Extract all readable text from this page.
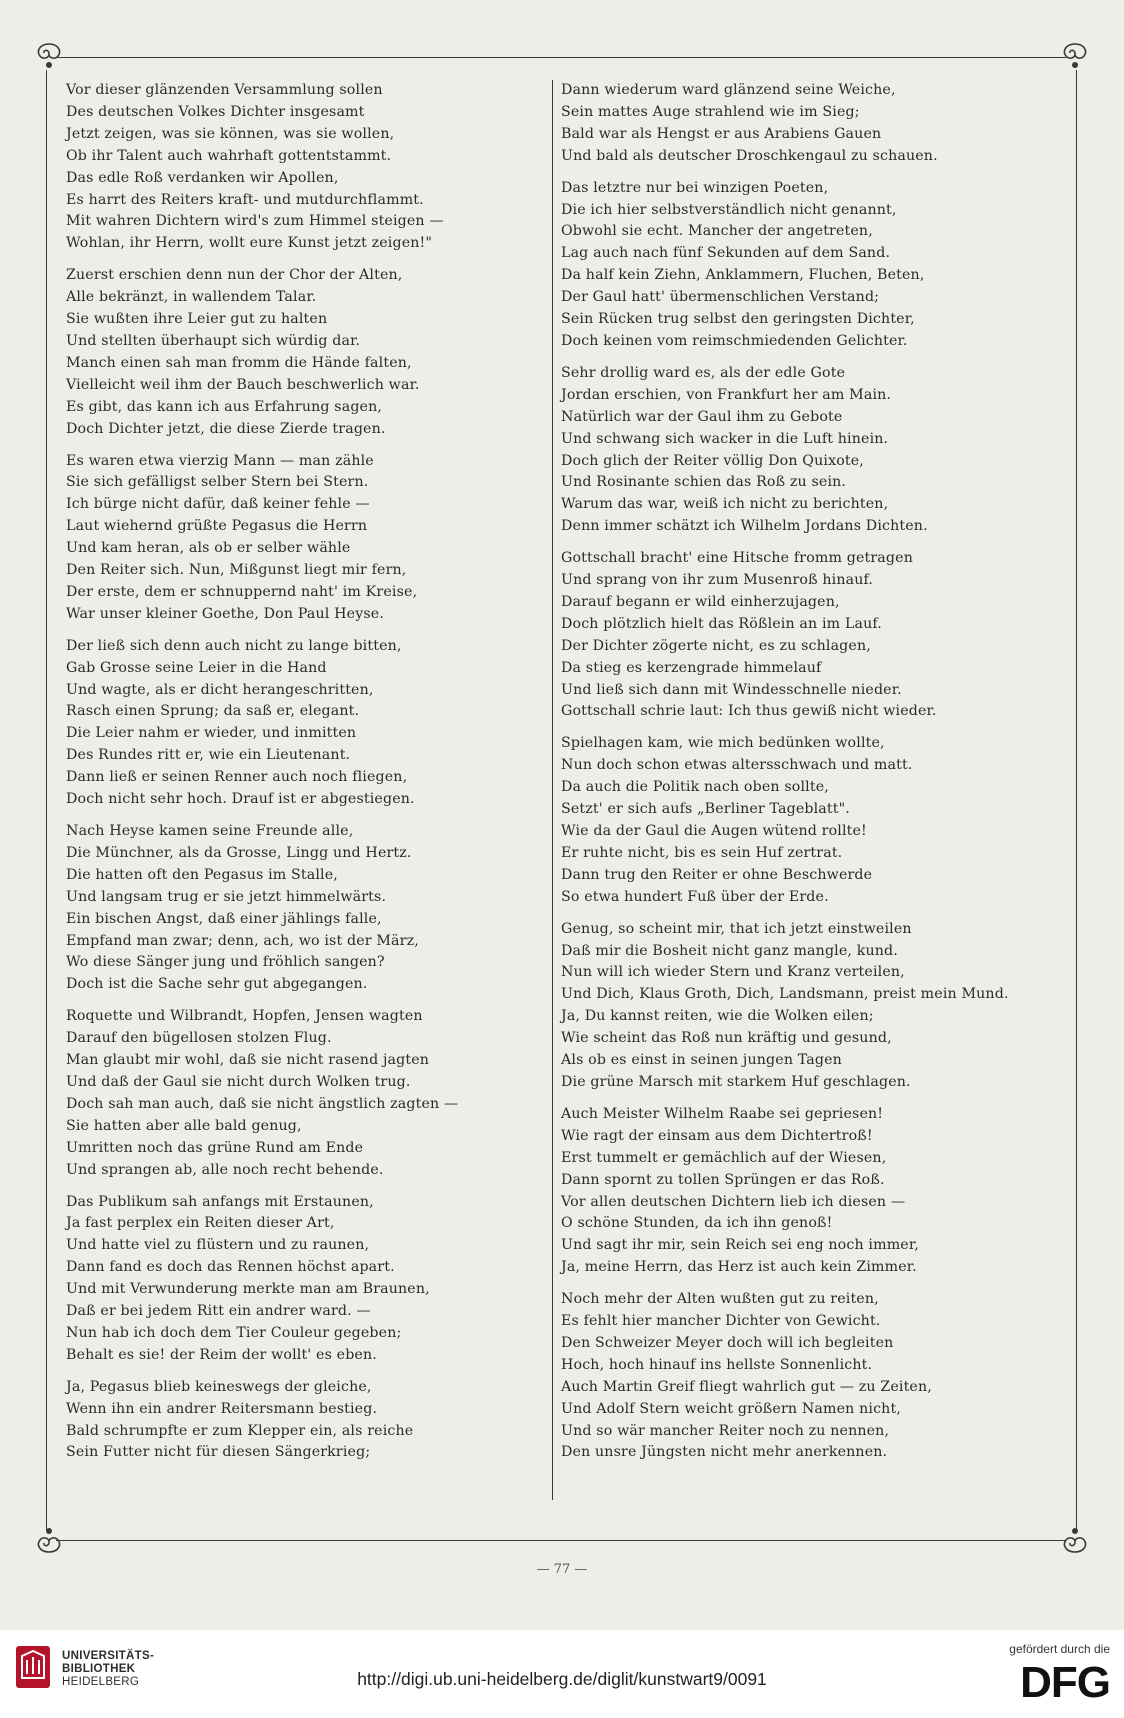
Vor dieser glänzenden Versammlung sollen
Des deutschen Volkes Dichter insgesamt
Jetzt zeigen, was sie können, was sie wollen,
Ob ihr Talent auch wahrhaft gottentstammt.
Das edle Roß verdanken wir Apollen,
Es harrt des Reiters kraft- und mutdurchflammt.
Mit wahren Dichtern wird's zum Himmel steigen —
Wohlan, ihr Herrn, wollt eure Kunst jetzt zeigen!"
Zuerst erschien denn nun der Chor der Alten,
Alle bekränzt, in wallendem Talar.
Sie wußten ihre Leier gut zu halten
Und stellten überhaupt sich würdig dar.
Manch einen sah man fromm die Hände falten,
Vielleicht weil ihm der Bauch beschwerlich war.
Es gibt, das kann ich aus Erfahrung sagen,
Doch Dichter jetzt, die diese Zierde tragen.
Es waren etwa vierzig Mann — man zähle
Sie sich gefälligst selber Stern bei Stern.
Ich bürge nicht dafür, daß keiner fehle —
Laut wiehernd grüßte Pegasus die Herrn
Und kam heran, als ob er selber wähle
Den Reiter sich. Nun, Mißgunst liegt mir fern,
Der erste, dem er schnuppernd naht' im Kreise,
War unser kleiner Goethe, Don Paul Heyse.
Der ließ sich denn auch nicht zu lange bitten,
Gab Grosse seine Leier in die Hand
Und wagte, als er dicht herangeschritten,
Rasch einen Sprung; da saß er, elegant.
Die Leier nahm er wieder, und inmitten
Des Rundes ritt er, wie ein Lieutenant.
Dann ließ er seinen Renner auch noch fliegen,
Doch nicht sehr hoch. Drauf ist er abgestiegen.
Nach Heyse kamen seine Freunde alle,
Die Münchner, als da Grosse, Lingg und Hertz.
Die hatten oft den Pegasus im Stalle,
Und langsam trug er sie jetzt himmelwärts.
Ein bischen Angst, daß einer jählings falle,
Empfand man zwar; denn, ach, wo ist der März,
Wo diese Sänger jung und fröhlich sangen?
Doch ist die Sache sehr gut abgegangen.
Roquette und Wilbrandt, Hopfen, Jensen wagten
Darauf den bügellosen stolzen Flug.
Man glaubt mir wohl, daß sie nicht rasend jagten
Und daß der Gaul sie nicht durch Wolken trug.
Doch sah man auch, daß sie nicht ängstlich zagten —
Sie hatten aber alle bald genug,
Umritten noch das grüne Rund am Ende
Und sprangen ab, alle noch recht behende.
Das Publikum sah anfangs mit Erstaunen,
Ja fast perplex ein Reiten dieser Art,
Und hatte viel zu flüstern und zu raunen,
Dann fand es doch das Rennen höchst apart.
Und mit Verwunderung merkte man am Braunen,
Daß er bei jedem Ritt ein andrer ward. —
Nun hab ich doch dem Tier Couleur gegeben;
Behalt es sie! der Reim der wollt' es eben.
Ja, Pegasus blieb keineswegs der gleiche,
Wenn ihn ein andrer Reitersmann bestieg.
Bald schrumpfte er zum Klepper ein, als reiche
Sein Futter nicht für diesen Sängerkrieg;
Dann wiederum ward glänzend seine Weiche,
Sein mattes Auge strahlend wie im Sieg;
Bald war als Hengst er aus Arabiens Gauen
Und bald als deutscher Droschkengaul zu schauen.
Das letztre nur bei winzigen Poeten,
Die ich hier selbstverständlich nicht genannt,
Obwohl sie echt. Mancher der angetreten,
Lag auch nach fünf Sekunden auf dem Sand.
Da half kein Ziehn, Anklammern, Fluchen, Beten,
Der Gaul hatt' übermenschlichen Verstand;
Sein Rücken trug selbst den geringsten Dichter,
Doch keinen vom reimschmiedenden Gelichter.
Sehr drollig ward es, als der edle Gote
Jordan erschien, von Frankfurt her am Main.
Natürlich war der Gaul ihm zu Gebote
Und schwang sich wacker in die Luft hinein.
Doch glich der Reiter völlig Don Quixote,
Und Rosinante schien das Roß zu sein.
Warum das war, weiß ich nicht zu berichten,
Denn immer schätzt ich Wilhelm Jordans Dichten.
Gottschall bracht' eine Hitsche fromm getragen
Und sprang von ihr zum Musenroß hinauf.
Darauf begann er wild einherzujagen,
Doch plötzlich hielt das Rößlein an im Lauf.
Der Dichter zögerte nicht, es zu schlagen,
Da stieg es kerzengrade himmelauf
Und ließ sich dann mit Windesschnelle nieder.
Gottschall schrie laut: Ich thus gewiß nicht wieder.
Spielhagen kam, wie mich bedünken wollte,
Nun doch schon etwas altersschwach und matt.
Da auch die Politik nach oben sollte,
Setzt' er sich aufs „Berliner Tageblatt".
Wie da der Gaul die Augen wütend rollte!
Er ruhte nicht, bis es sein Huf zertrat.
Dann trug den Reiter er ohne Beschwerde
So etwa hundert Fuß über der Erde.
Genug, so scheint mir, that ich jetzt einstweilen
Daß mir die Bosheit nicht ganz mangle, kund.
Nun will ich wieder Stern und Kranz verteilen,
Und Dich, Klaus Groth, Dich, Landsmann, preist mein Mund.
Ja, Du kannst reiten, wie die Wolken eilen;
Wie scheint das Roß nun kräftig und gesund,
Als ob es einst in seinen jungen Tagen
Die grüne Marsch mit starkem Huf geschlagen.
Auch Meister Wilhelm Raabe sei gepriesen!
Wie ragt der einsam aus dem Dichtertroß!
Erst tummelt er gemächlich auf der Wiesen,
Dann spornt zu tollen Sprüngen er das Roß.
Vor allen deutschen Dichtern lieb ich diesen —
O schöne Stunden, da ich ihn genoß!
Und sagt ihr mir, sein Reich sei eng noch immer,
Ja, meine Herrn, das Herz ist auch kein Zimmer.
Noch mehr der Alten wußten gut zu reiten,
Es fehlt hier mancher Dichter von Gewicht.
Den Schweizer Meyer doch will ich begleiten
Hoch, hoch hinauf ins hellste Sonnenlicht.
Auch Martin Greif fliegt wahrlich gut — zu Zeiten,
Und Adolf Stern weicht größern Namen nicht,
Und so wär mancher Reiter noch zu nennen,
Den unsre Jüngsten nicht mehr anerkennen.
— 77 —
UNIVERSITÄTS-
BIBLIOTHEK
HEIDELBERG	http://digi.ub.uni-heidelberg.de/diglit/kunstwart9/0091
gefördert durch die
DFG
